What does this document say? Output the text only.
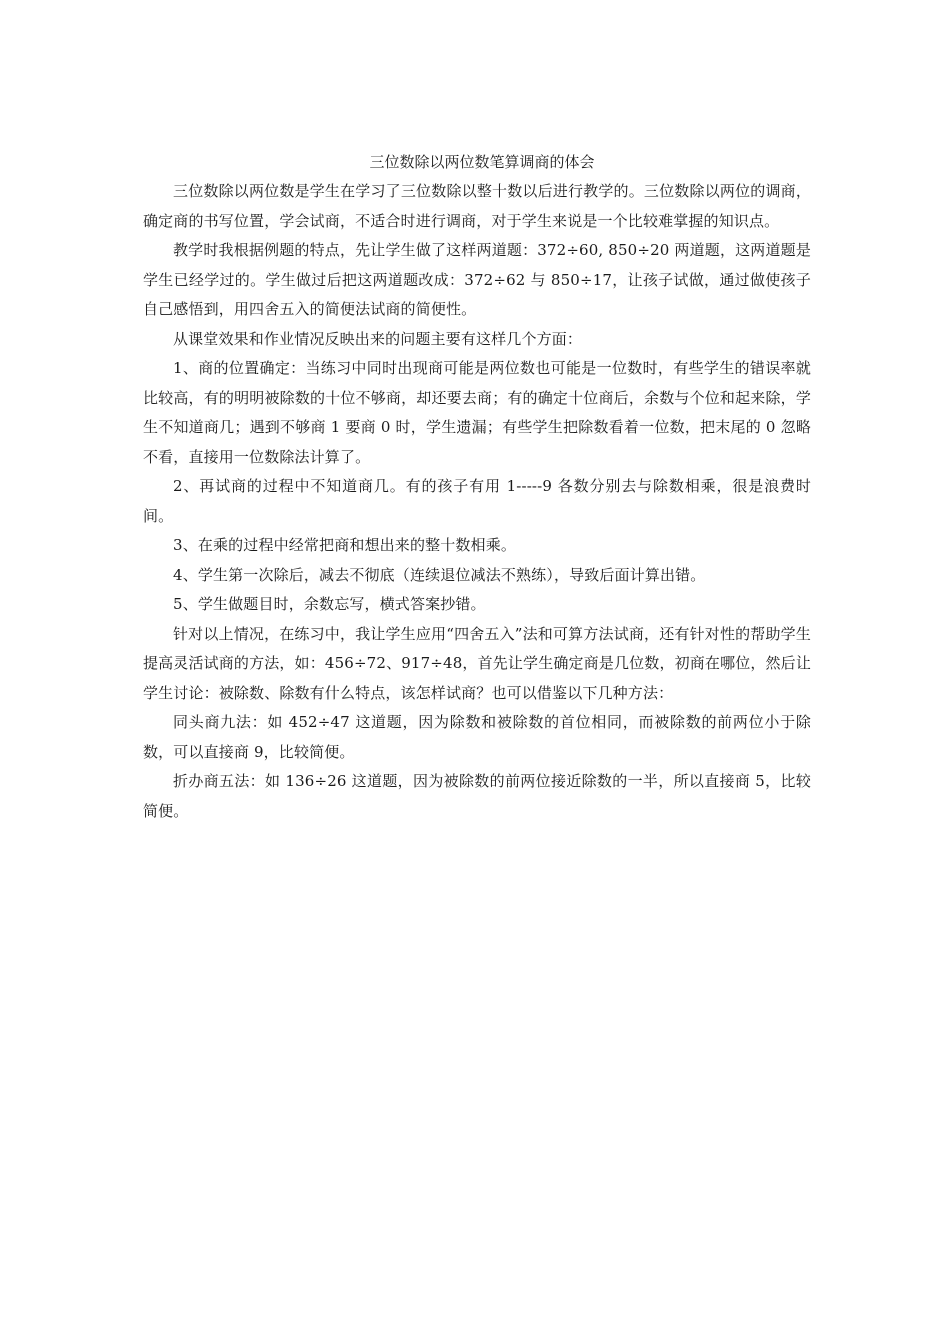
三位数除以两位数笔算调商的体会

三位数除以两位数是学生在学习了三位数除以整十数以后进行教学的。三位数除以两位的调商，确定商的书写位置，学会试商，不适合时进行调商，对于学生来说是一个比较难掌握的知识点。

教学时我根据例题的特点，先让学生做了这样两道题：372÷60, 850÷20 两道题，这两道题是学生已经学过的。学生做过后把这两道题改成：372÷62 与 850÷17，让孩子试做，通过做使孩子自己感悟到，用四舍五入的简便法试商的简便性。

从课堂效果和作业情况反映出来的问题主要有这样几个方面：

1、商的位置确定：当练习中同时出现商可能是两位数也可能是一位数时，有些学生的错误率就比较高，有的明明被除数的十位不够商，却还要去商；有的确定十位商后，余数与个位和起来除，学生不知道商几；遇到不够商 1 要商 0 时，学生遗漏；有些学生把除数看着一位数，把末尾的 0 忽略不看，直接用一位数除法计算了。

2、再试商的过程中不知道商几。有的孩子有用 1-----9 各数分别去与除数相乘，很是浪费时间。

3、在乘的过程中经常把商和想出来的整十数相乘。

4、学生第一次除后，减去不彻底（连续退位减法不熟练），导致后面计算出错。

5、学生做题目时，余数忘写，横式答案抄错。

针对以上情况，在练习中，我让学生应用“四舍五入”法和可算方法试商，还有针对性的帮助学生提高灵活试商的方法，如：456÷72、917÷48，首先让学生确定商是几位数，初商在哪位，然后让学生讨论：被除数、除数有什么特点，该怎样试商？也可以借鉴以下几种方法：

同头商九法：如 452÷47 这道题，因为除数和被除数的首位相同，而被除数的前两位小于除数，可以直接商 9，比较简便。

折办商五法：如 136÷26 这道题，因为被除数的前两位接近除数的一半，所以直接商 5，比较简便。
